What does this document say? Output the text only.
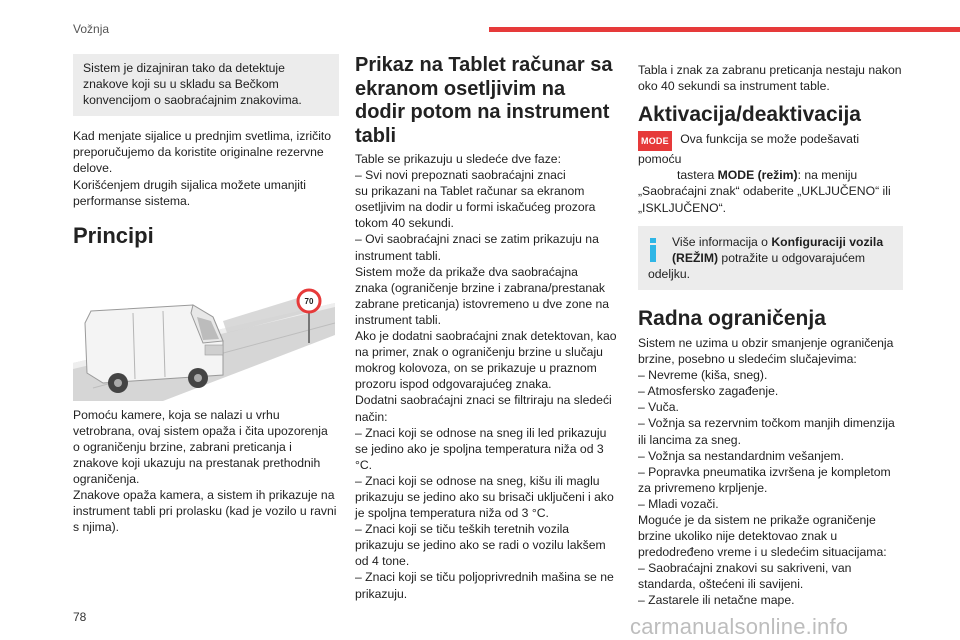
Vožnja
Sistem je dizajniran tako da detektuje znakove koji su u skladu sa Bečkom konvencijom o saobraćajnim znakovima.
Kad menjate sijalice u prednjim svetlima, izričito
preporučujemo da koristite originalne rezervne
delove.
Korišćenjem drugih sijalica možete umanjiti
performanse sistema.
Principi
70
Pomoću kamere, koja se nalazi u vrhu
vetrobrana, ovaj sistem opaža i čita upozorenja
o ograničenju brzine, zabrani preticanja i
znakove koji ukazuju na prestanak prethodnih
ograničenja.
Znakove opaža kamera, a sistem ih prikazuje na
instrument tabli pri prolasku (kad je vozilo u ravni
s njima).
Prikaz na Tablet računar sa ekranom osetljivim na dodir potom na instrument tabli
Table se prikazuju u sledeće dve faze:
– Svi novi prepoznati saobraćajni znaci
su prikazani na Tablet računar sa ekranom
osetljivim na dodir u formi iskačućeg prozora
tokom 40 sekundi.
– Ovi saobraćajni znaci se zatim prikazuju na
instrument tabli.
Sistem može da prikaže dva saobraćajna
znaka (ograničenje brzine i zabrana/prestanak
zabrane preticanja) istovremeno u dve zone na
instrument tabli.
Ako je dodatni saobraćajni znak detektovan, kao
na primer, znak o ograničenju brzine u slučaju
mokrog kolovoza, on se prikazuje u praznom
prozoru ispod odgovarajućeg znaka.
Dodatni saobraćajni znaci se filtriraju na sledeći
način:
– Znaci koji se odnose na sneg ili led prikazuju
se jedino ako je spoljna temperatura niža od 3
°C.
– Znaci koji se odnose na sneg, kišu ili maglu
prikazuju se jedino ako su brisači uključeni i ako
je spoljna temperatura niža od 3 °C.
– Znaci koji se tiču teških teretnih vozila
prikazuju se jedino ako se radi o vozilu lakšem
od 4 tone.
– Znaci koji se tiču poljoprivrednih mašina se ne
prikazuju.
Tabla i znak za zabranu preticanja nestaju nakon
oko 40 sekundi sa instrument table.
Aktivacija/deaktivacija
MODE Ova funkcija se može podešavati pomoću
tastera MODE (režim): na meniju
„Saobraćajni znak“ odaberite „UKLJUČENO“ ili
„ISKLJUČENO“.
Više informacija o Konfiguraciji vozila
(REŽIM) potražite u odgovarajućem
odeljku.
Radna ograničenja
Sistem ne uzima u obzir smanjenje ograničenja
brzine, posebno u sledećim slučajevima:
– Nevreme (kiša, sneg).
– Atmosfersko zagađenje.
– Vuča.
– Vožnja sa rezervnim točkom manjih dimenzija
ili lancima za sneg.
– Vožnja sa nestandardnim vešanjem.
– Popravka pneumatika izvršena je kompletom
za privremeno krpljenje.
– Mladi vozači.
Moguće je da sistem ne prikaže ograničenje
brzine ukoliko nije detektovao znak u
predodređeno vreme i u sledećim situacijama:
– Saobraćajni znakovi su sakriveni, van
standarda, oštećeni ili savijeni.
– Zastarele ili netačne mape.
78	carmanualsonline.info
